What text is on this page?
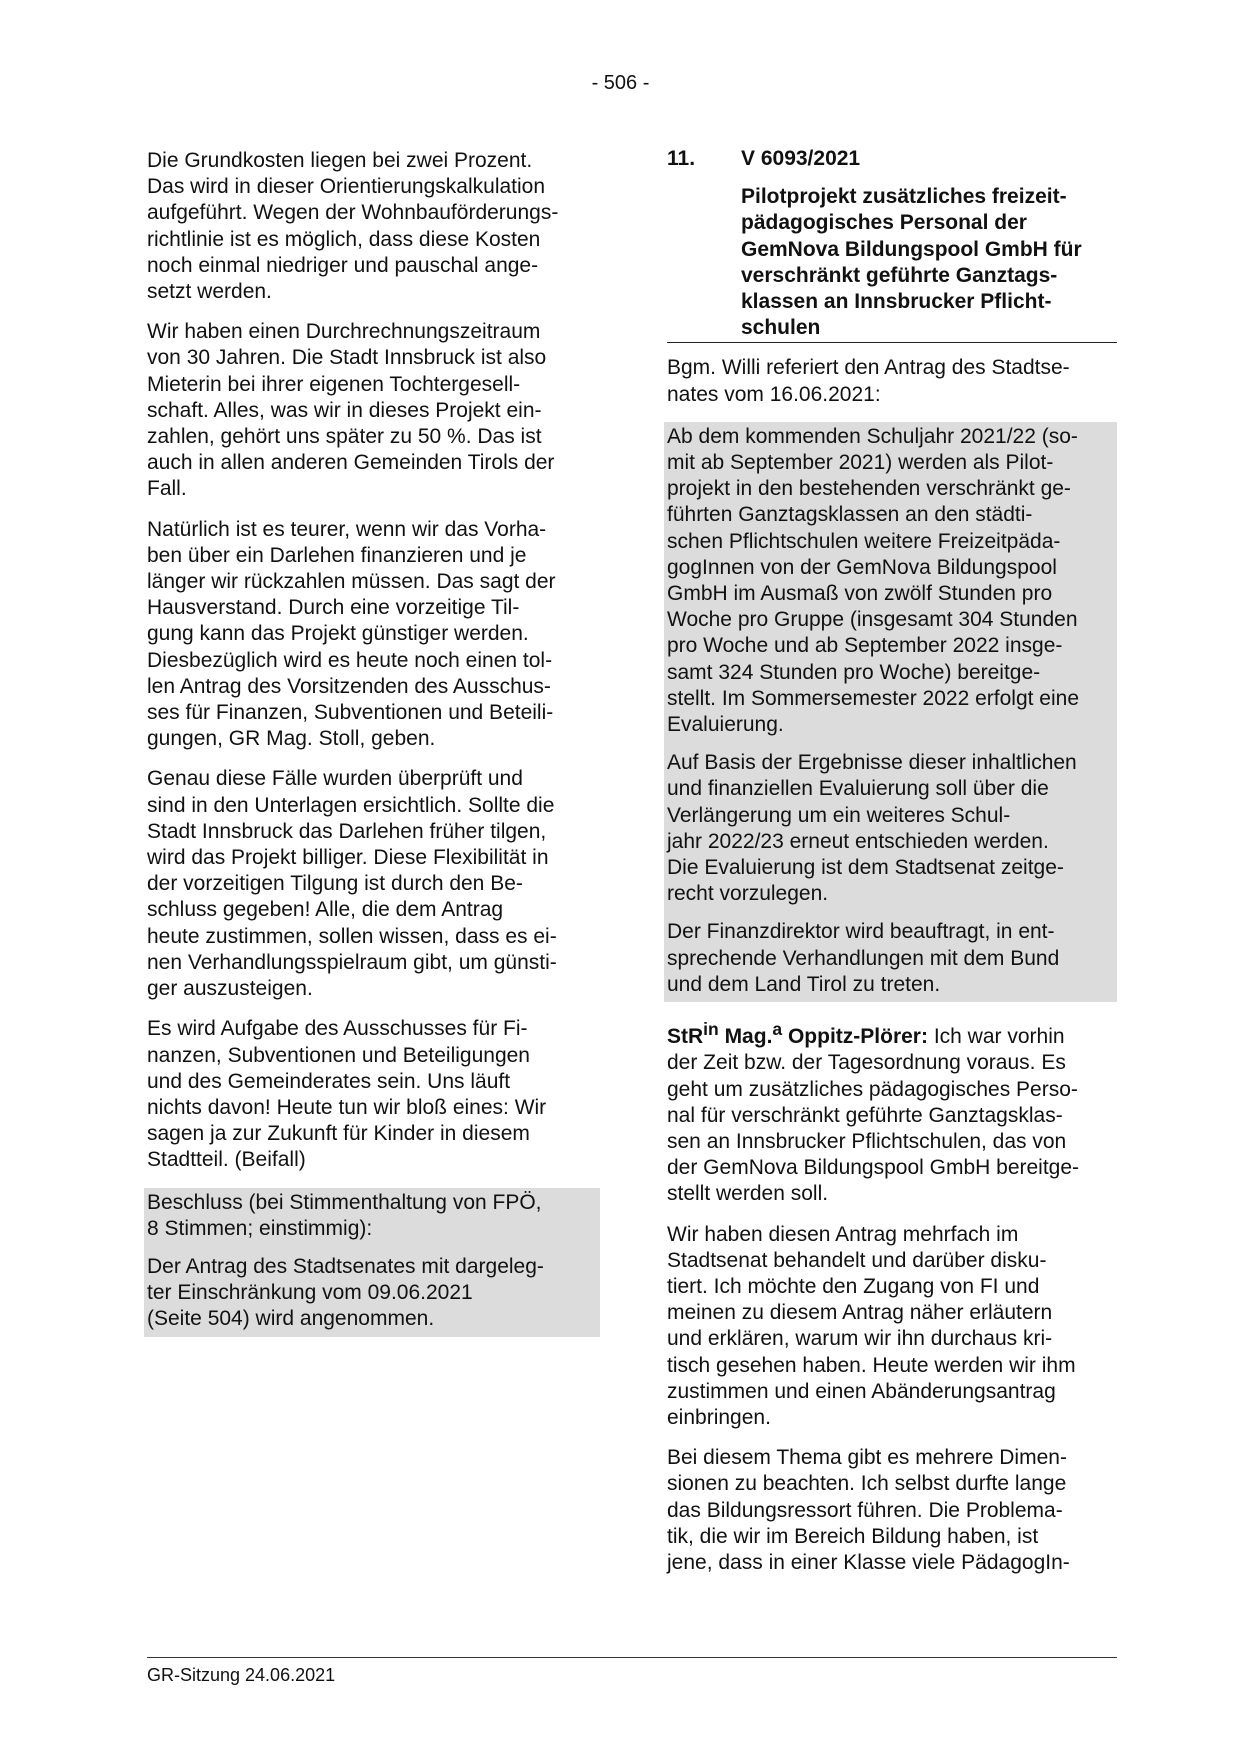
- 506 -

Die Grundkosten liegen bei zwei Prozent.
Das wird in dieser Orientierungskalkulation
aufgeführt. Wegen der Wohnbauförderungs-
richtlinie ist es möglich, dass diese Kosten
noch einmal niedriger und pauschal ange-
setzt werden.

Wir haben einen Durchrechnungszeitraum
von 30 Jahren. Die Stadt Innsbruck ist also
Mieterin bei ihrer eigenen Tochtergesell-
schaft. Alles, was wir in dieses Projekt ein-
zahlen, gehört uns später zu 50 %. Das ist
auch in allen anderen Gemeinden Tirols der
Fall.

Natürlich ist es teurer, wenn wir das Vorha-
ben über ein Darlehen finanzieren und je
länger wir rückzahlen müssen. Das sagt der
Hausverstand. Durch eine vorzeitige Til-
gung kann das Projekt günstiger werden.
Diesbezüglich wird es heute noch einen tol-
len Antrag des Vorsitzenden des Ausschus-
ses für Finanzen, Subventionen und Beteili-
gungen, GR Mag. Stoll, geben.

Genau diese Fälle wurden überprüft und
sind in den Unterlagen ersichtlich. Sollte die
Stadt Innsbruck das Darlehen früher tilgen,
wird das Projekt billiger. Diese Flexibilität in
der vorzeitigen Tilgung ist durch den Be-
schluss gegeben! Alle, die dem Antrag
heute zustimmen, sollen wissen, dass es ei-
nen Verhandlungsspielraum gibt, um günsti-
ger auszusteigen.

Es wird Aufgabe des Ausschusses für Fi-
nanzen, Subventionen und Beteiligungen
und des Gemeinderates sein. Uns läuft
nichts davon! Heute tun wir bloß eines: Wir
sagen ja zur Zukunft für Kinder in diesem
Stadtteil. (Beifall)

Beschluss (bei Stimmenthaltung von FPÖ,
8 Stimmen; einstimmig):

Der Antrag des Stadtsenates mit dargeleg-
ter Einschränkung vom 09.06.2021
(Seite 504) wird angenommen.

11.	V 6093/2021
Pilotprojekt zusätzliches freizeit-
pädagogisches Personal der
GemNova Bildungspool GmbH für
verschränkt geführte Ganztags-
klassen an Innsbrucker Pflicht-
schulen

Bgm. Willi referiert den Antrag des Stadtse-
nates vom 16.06.2021:

Ab dem kommenden Schuljahr 2021/22 (so-
mit ab September 2021) werden als Pilot-
projekt in den bestehenden verschränkt ge-
führten Ganztagsklassen an den städti-
schen Pflichtschulen weitere Freizeitpäda-
gogInnen von der GemNova Bildungspool
GmbH im Ausmaß von zwölf Stunden pro
Woche pro Gruppe (insgesamt 304 Stunden
pro Woche und ab September 2022 insge-
samt 324 Stunden pro Woche) bereitge-
stellt. Im Sommersemester 2022 erfolgt eine
Evaluierung.

Auf Basis der Ergebnisse dieser inhaltlichen
und finanziellen Evaluierung soll über die
Verlängerung um ein weiteres Schul-
jahr 2022/23 erneut entschieden werden.
Die Evaluierung ist dem Stadtsenat zeitge-
recht vorzulegen.

Der Finanzdirektor wird beauftragt, in ent-
sprechende Verhandlungen mit dem Bund
und dem Land Tirol zu treten.

StR$^{in}$ Mag.$^a$ Oppitz-Plörer: Ich war vorhin
der Zeit bzw. der Tagesordnung voraus. Es
geht um zusätzliches pädagogisches Perso-
nal für verschränkt geführte Ganztagsklas-
sen an Innsbrucker Pflichtschulen, das von
der GemNova Bildungspool GmbH bereitge-
stellt werden soll.

Wir haben diesen Antrag mehrfach im
Stadtsenat behandelt und darüber disku-
tiert. Ich möchte den Zugang von FI und
meinen zu diesem Antrag näher erläutern
und erklären, warum wir ihn durchaus kri-
tisch gesehen haben. Heute werden wir ihm
zustimmen und einen Abänderungsantrag
einbringen.

Bei diesem Thema gibt es mehrere Dimen-
sionen zu beachten. Ich selbst durfte lange
das Bildungsressort führen. Die Problema-
tik, die wir im Bereich Bildung haben, ist
jene, dass in einer Klasse viele PädagogIn-

GR-Sitzung 24.06.2021
